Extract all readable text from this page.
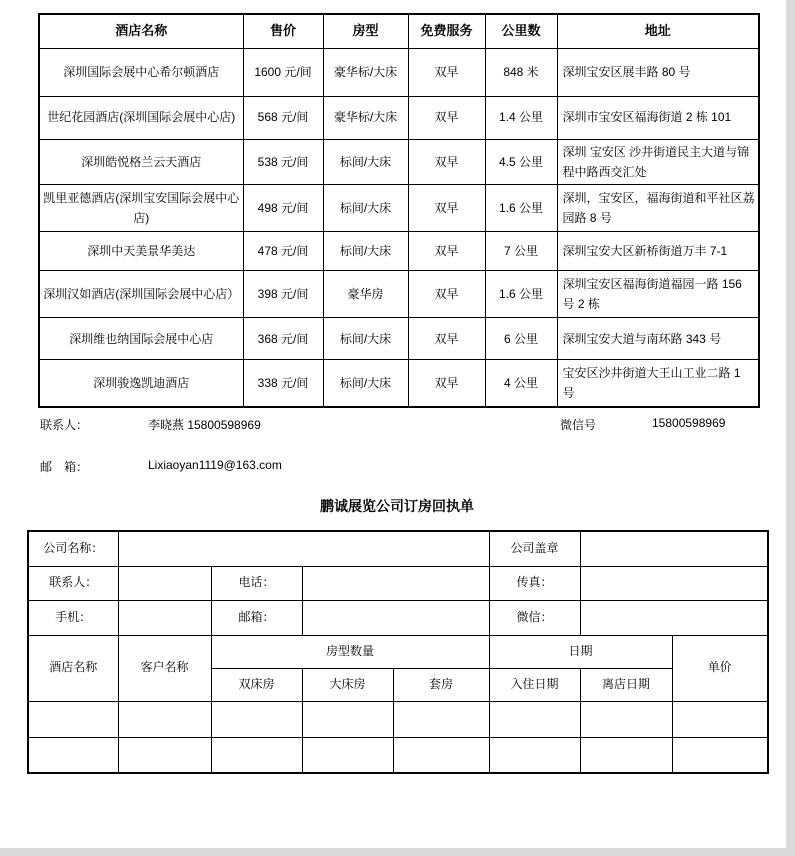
酒店名称	售价	房型	免费服务	公里数	地址
深圳国际会展中心希尔顿酒店	1600 元/间	豪华标/大床	双早	848 米	深圳宝安区展丰路 80 号
世纪花园酒店(深圳国际会展中心店)	568 元/间	豪华标/大床	双早	1.4 公里	深圳市宝安区福海街道 2 栋 101
深圳皓悦格兰云天酒店	538 元/间	标间/大床	双早	4.5 公里	深圳 宝安区 沙井街道民主大道与锦程中路西交汇处
凯里亚德酒店(深圳宝安国际会展中心店)	498 元/间	标间/大床	双早	1.6 公里	深圳，宝安区，福海街道和平社区荔园路 8 号
深圳中天美景华美达	478 元/间	标间/大床	双早	7 公里	深圳宝安大区新桥街道万丰 7-1
深圳汉如酒店(深圳国际会展中心店）	398 元/间	豪华房	双早	1.6 公里	深圳宝安区福海街道福园一路 156 号 2 栋
深圳维也纳国际会展中心店	368 元/间	标间/大床	双早	6 公里	深圳宝安大道与南环路 343 号
深圳骏逸凯迪酒店	338 元/间	标间/大床	双早	4 公里	宝安区沙井街道大王山工业二路 1 号
联系人：	李晓燕 15800598969	微信号	15800598969
邮　箱：	Lixiaoyan1119@163.com
鹏诚展览公司订房回执单
公司名称：					公司盖章		
联系人：		电话：			传真：		
手机：		邮箱：			微信：		
酒店名称	客户名称	房型数量			日期		单价
		双床房	大床房	套房	入住日期	离店日期	
